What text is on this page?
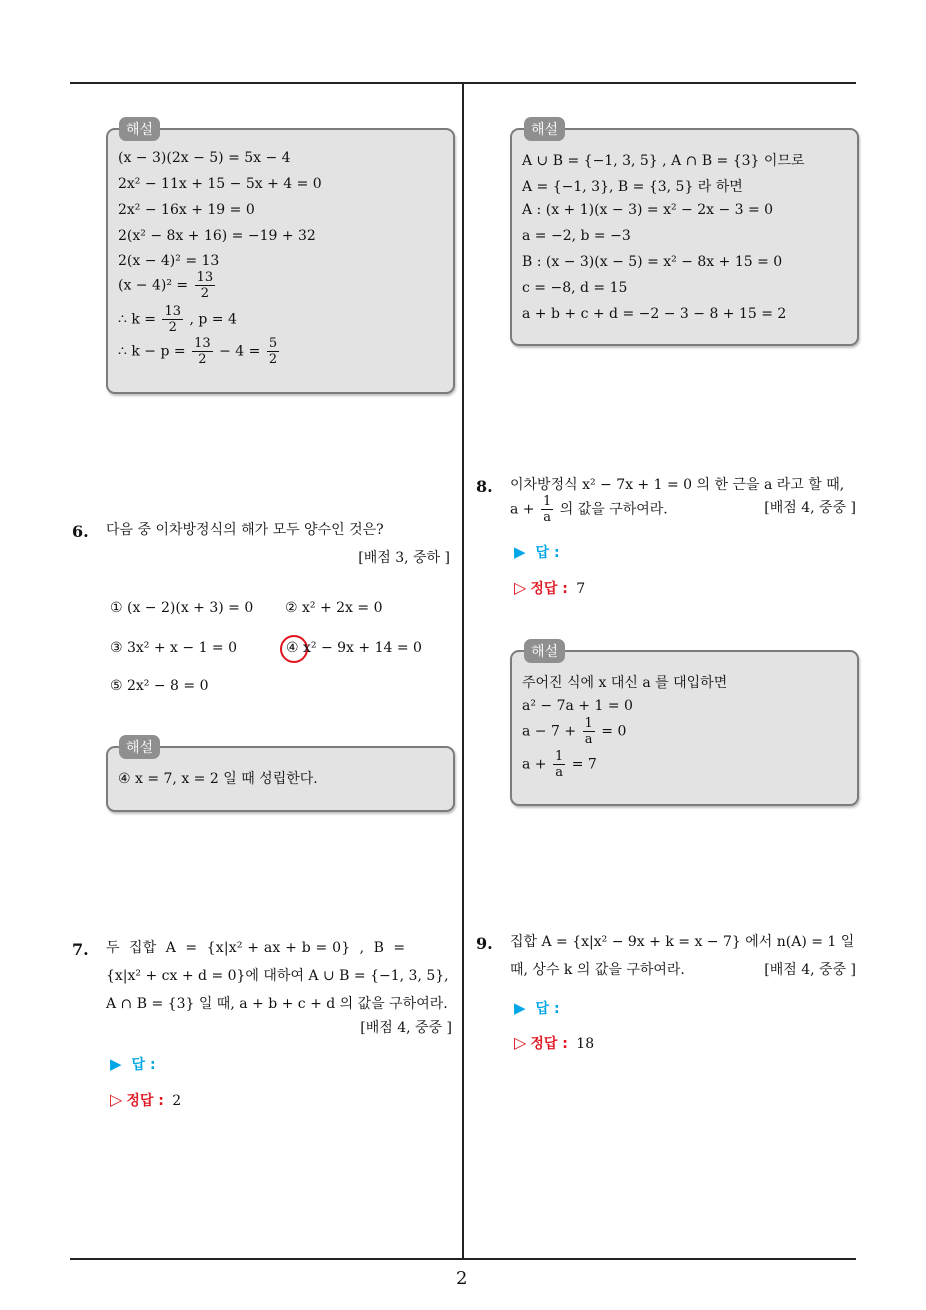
2
해설
(x − 3)(2x − 5) = 5x − 4
2x² − 11x + 15 − 5x + 4 = 0
2x² − 16x + 19 = 0
2(x² − 8x + 16) = −19 + 32
2(x − 4)² = 13
$(x - 4)^2 = \frac{13}{2}$
∴ $k = \frac{13}{2}$ , p = 4
∴ $k - p = \frac{13}{2} - 4 = \frac{5}{2}$
6. 다음 중 이차방정식의 해가 모두 양수인 것은?
[배점 3, 중하 ]
① (x − 2)(x + 3) = 0 ② x² + 2x = 0
③ 3x² + x − 1 = 0	④ x² − 9x + 14 = 0
⑤ 2x² − 8 = 0
해설
④ x = 7, x = 2 일 때 성립한다.
7. 두  집합  A  =  {x|x² + ax + b = 0}  ,  B  =
{x|x² + cx + d = 0}에 대하여 A ∪ B = {−1, 3, 5},
A ∩ B = {3} 일 때, a + b + c + d 의 값을 구하여라.
[배점 4, 중중 ]
▶ 답 :
▷ 정답 : 2
해설
A ∪ B = {−1, 3, 5} , A ∩ B = {3} 이므로
A = {−1, 3}, B = {3, 5} 라 하면
A : (x + 1)(x − 3) = x² − 2x − 3 = 0
a = −2, b = −3
B : (x − 3)(x − 5) = x² − 8x + 15 = 0
c = −8, d = 15
a + b + c + d = −2 − 3 − 8 + 15 = 2
8. 이차방정식 x² − 7x + 1 = 0 의 한 근을 a 라고 할 때,
$a + \frac{1}{a}$ 의 값을 구하여라.	[배점 4, 중중 ]
▶ 답 :
▷ 정답 : 7
해설
주어진 식에 x 대신 a 를 대입하면
a² − 7a + 1 = 0
$a - 7 + \frac{1}{a} = 0$
$a + \frac{1}{a} = 7$
9. 집합 A = {x|x² − 9x + k = x − 7} 에서 n(A) = 1 일
때, 상수 k 의 값을 구하여라.	[배점 4, 중중 ]
▶ 답 :
▷ 정답 : 18
